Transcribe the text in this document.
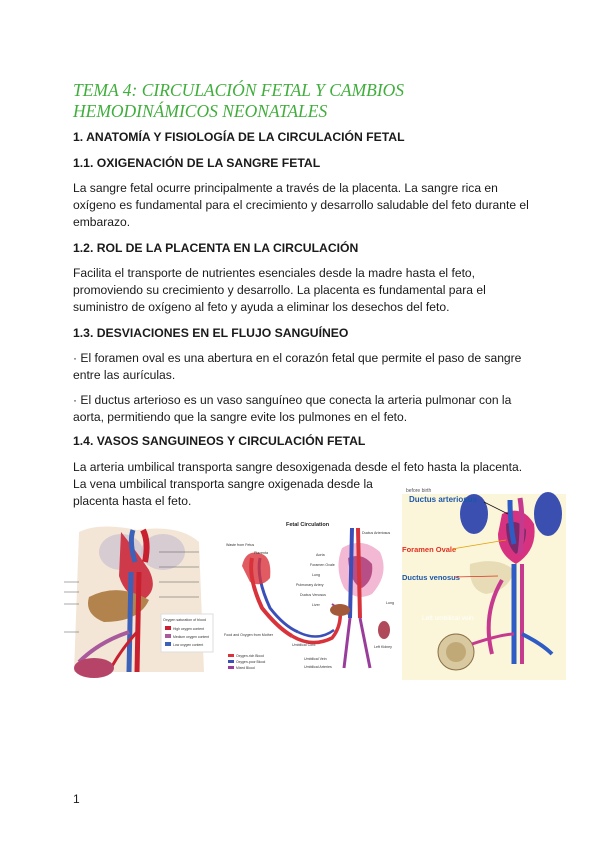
TEMA 4: CIRCULACIÓN FETAL Y CAMBIOS HEMODINÁMICOS NEONATALES

1. ANATOMÍA Y FISIOLOGÍA DE LA CIRCULACIÓN FETAL

1.1. OXIGENACIÓN DE LA SANGRE FETAL

La sangre fetal ocurre principalmente a través de la placenta. La sangre rica en oxígeno es fundamental para el crecimiento y desarrollo saludable del feto durante el embarazo.

1.2. ROL DE LA PLACENTA EN LA CIRCULACIÓN

Facilita el transporte de nutrientes esenciales desde la madre hasta el feto, promoviendo su crecimiento y desarrollo. La placenta es fundamental para el suministro de oxígeno al feto y ayuda a eliminar los desechos del feto.

1.3. DESVIACIONES EN EL FLUJO SANGUÍNEO

· El foramen oval es una abertura en el corazón fetal que permite el paso de sangre entre las aurículas.

· El ductus arterioso es un vaso sanguíneo que conecta la arteria pulmonar con la aorta, permitiendo que la sangre evite los pulmones en el feto.

1.4. VASOS SANGUINEOS Y CIRCULACIÓN FETAL

La arteria umbilical transporta sangre desoxigenada desde el feto hasta la placenta.

La vena umbilical transporta sangre oxigenada desde la

placenta hasta el feto.

Oxygen saturation of blood
High oxygen content
Medium oxygen content
Low oxygen content
Fetal Circulation
Ductus Arteriosus
Waste from Fetus
Placenta	Aorta
Foramen Ovale
Lung
Pulmonary Artery
Ductus Venosus
Liver	Lung
Left Kidney
Umbilical Cord
Umbilical Vein
Umbilical Arteries
Food and Oxygen from Mother
Oxygen-rich Blood
Oxygen-poor Blood
Mixed Blood
before birth
Ductus arteriosus
Foramen Ovale
Ductus venosus
Left umbilical vein
1
